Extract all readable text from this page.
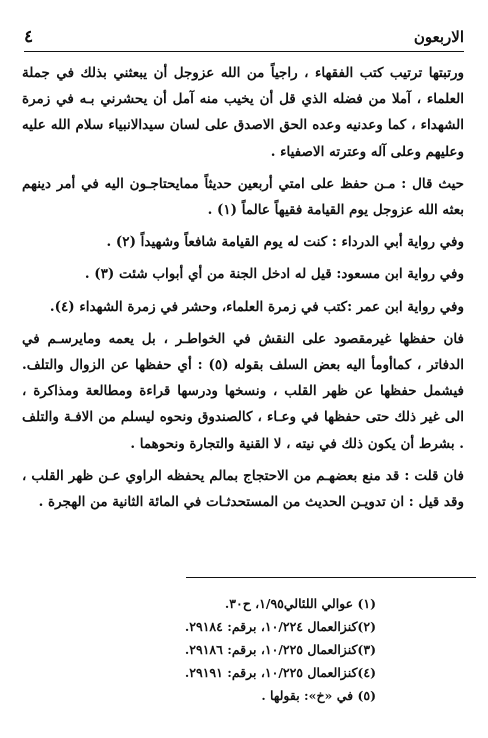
الاربعون
٤

ورتبتها ترتيب كتب الفقهاء ، راجياً من الله عزوجل أن يبعثني بذلك في جملة العلماء ، آملا من فضله الذي قل أن يخيب منه آمل أن يحشرني بـه في زمرة الشهداء ، كما وعدنيه وعده الحق الاصدق على لسان سيدالانبياء سلام الله عليه وعليهم وعلى آله وعترته الاصفياء .

حيث قال : مـن حفظ على امتي أربعين حديثاً ممايحتاجـون اليه في أمر دينهم بعثه الله عزوجل يوم القيامة فقيهاً عالماً (١) .

وفي رواية أبي الدرداء : كنت له يوم القيامة شافعاً وشهيداً (٢) .

وفي رواية ابن مسعود: قيل له ادخل الجنة من أي أبواب شئت (٣) .

وفي رواية ابن عمر :كتب في زمرة العلماء، وحشر في زمرة الشهداء (٤).

فان حفظها غيرمقصود على النقش في الخواطـر ، بل يعمه ومايرسـم في الدفاتر ، كماأومأ اليه بعض السلف بقوله (٥) : أي حفظها عن الزوال والتلف. فيشمل حفظها عن ظهر القلب ، ونسخها ودرسها قراءة ومطالعة ومذاكرة ، الى غير ذلك حتى حفظها في وعـاء ، كالصندوق ونحوه ليسلم من الافـة والتلف . بشرط أن يكون ذلك في نيته ، لا القنية والتجارة ونحوهما .

فان قلت : قد منع بعضهـم من الاحتجاج بمالم يحفظه الراوي عـن ظهر القلب ، وقد قيل : ان تدويـن الحديث من المستحدثـات في المائة الثانية من الهجرة .

(١) عوالي اللئالي١/٩٥، ح٣٠.
(٢)كنزالعمال ١٠/٢٢٤، برقم: ٢٩١٨٤.
(٣)كنزالعمال ١٠/٢٢٥، برقم: ٢٩١٨٦.
(٤)كنزالعمال ١٠/٢٢٥، برقم: ٢٩١٩١.
(٥) في «خ»: بقولها .
